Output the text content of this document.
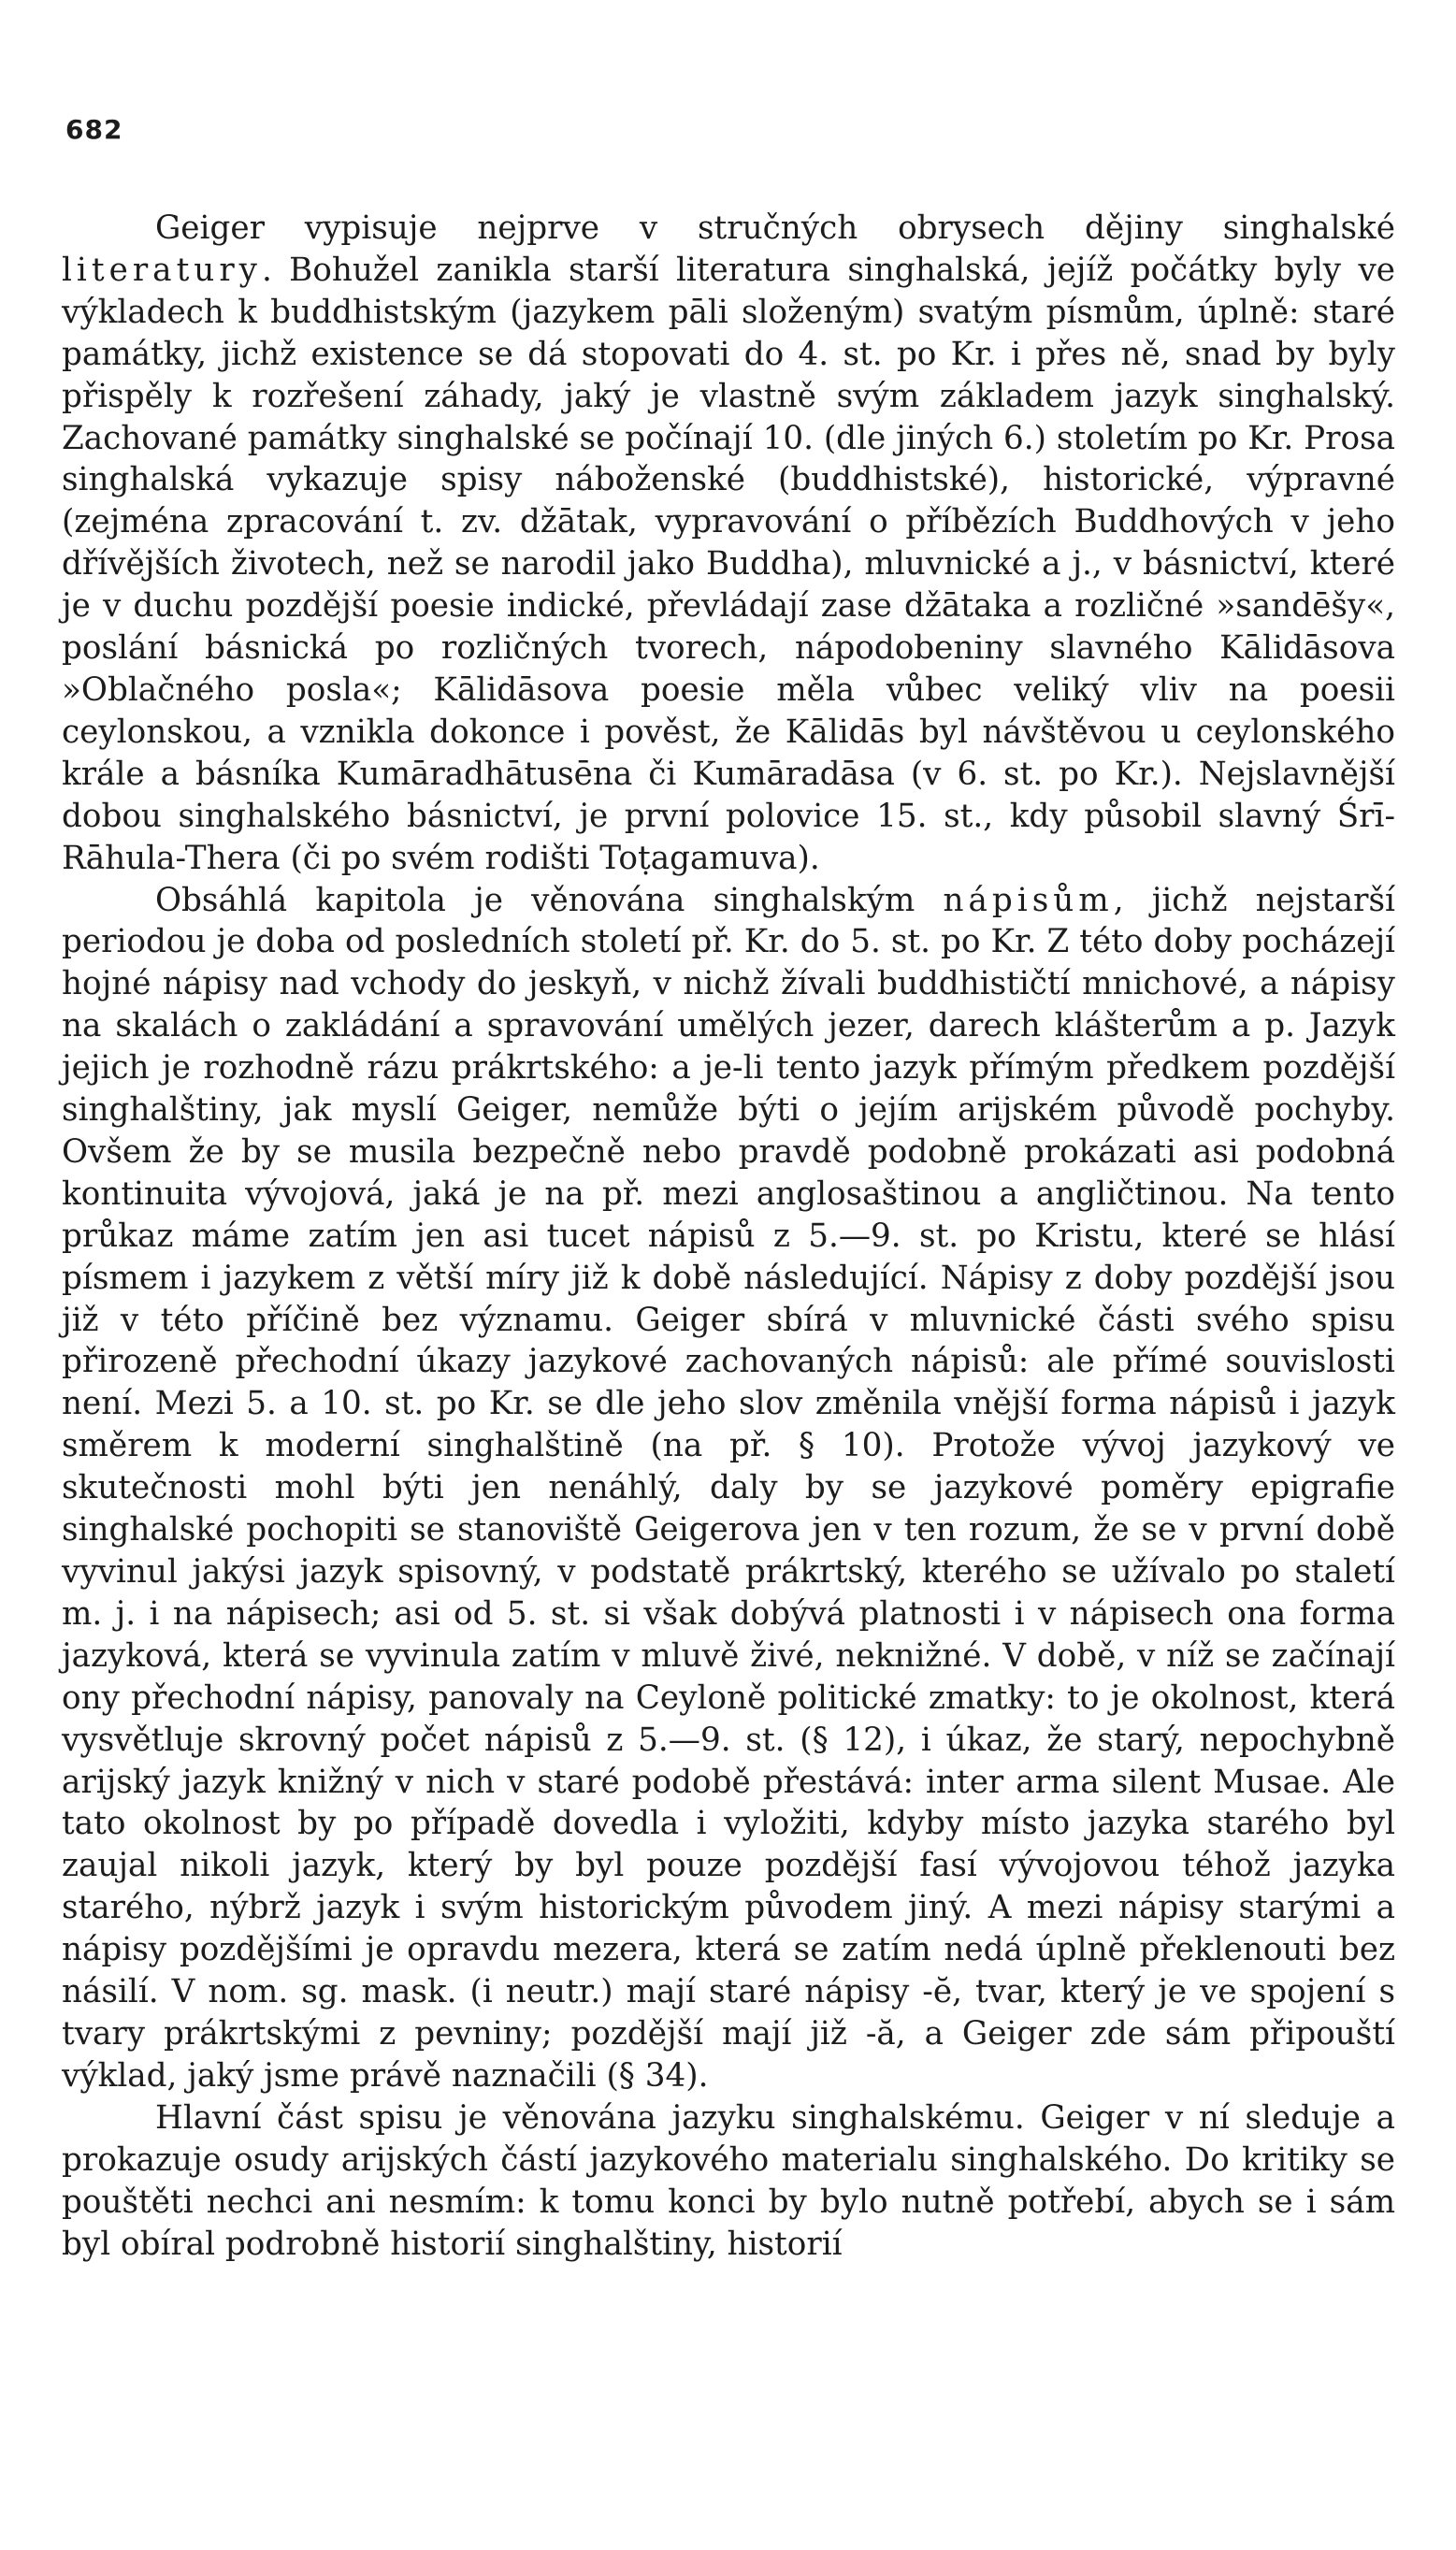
682

Geiger vypisuje nejprve v stručných obrysech dějiny singhalské literatury. Bohužel zanikla starší literatura singhalská, jejíž počátky byly ve výkladech k buddhistským (jazykem pāli složeným) svatým písmům, úplně: staré památky, jichž existence se dá stopovati do 4. st. po Kr. i přes ně, snad by byly přispěly k rozřešení záhady, jaký je vlastně svým základem jazyk singhalský. Zachované památky singhalské se počínají 10. (dle jiných 6.) stoletím po Kr. Prosa singhalská vykazuje spisy náboženské (buddhistské), historické, výpravné (zejména zpracování t. zv. džātak, vypravování o příbězích Buddhových v jeho dřívějších životech, než se narodil jako Buddha), mluvnické a j., v básnictví, které je v duchu pozdější poesie indické, převládají zase džātaka a rozličné »sandēšy«, poslání básnická po rozličných tvorech, nápodobeniny slavného Kālidāsova »Oblačného posla«; Kālidāsova poesie měla vůbec veliký vliv na poesii ceylonskou, a vznikla dokonce i pověst, že Kālidās byl návštěvou u ceylonského krále a básníka Kumāradhātusēna či Kumāradāsa (v 6. st. po Kr.). Nejslavnější dobou singhalského básnictví, je první polovice 15. st., kdy působil slavný Śrī-Rāhula-Thera (či po svém rodišti Toṭagamuva).

Obsáhlá kapitola je věnována singhalským nápisům, jichž nejstarší periodou je doba od posledních století př. Kr. do 5. st. po Kr. Z této doby pocházejí hojné nápisy nad vchody do jeskyň, v nichž žívali buddhističtí mnichové, a nápisy na skalách o zakládání a spravování umělých jezer, darech klášterům a p. Jazyk jejich je rozhodně rázu prákrtského: a je-li tento jazyk přímým předkem pozdější singhalštiny, jak myslí Geiger, nemůže býti o jejím arijském původě pochyby. Ovšem že by se musila bezpečně nebo pravdě podobně prokázati asi podobná kontinuita vývojová, jaká je na př. mezi anglosaštinou a angličtinou. Na tento průkaz máme zatím jen asi tucet nápisů z 5.—9. st. po Kristu, které se hlásí písmem i jazykem z větší míry již k době následující. Nápisy z doby pozdější jsou již v této příčině bez významu. Geiger sbírá v mluvnické části svého spisu přirozeně přechodní úkazy jazykové zachovaných nápisů: ale přímé souvislosti není. Mezi 5. a 10. st. po Kr. se dle jeho slov změnila vnější forma nápisů i jazyk směrem k moderní singhalštině (na př. § 10). Protože vývoj jazykový ve skutečnosti mohl býti jen nenáhlý, daly by se jazykové poměry epigrafie singhalské pochopiti se stanoviště Geigerova jen v ten rozum, že se v první době vyvinul jakýsi jazyk spisovný, v podstatě prákrtský, kterého se užívalo po staletí m. j. i na nápisech; asi od 5. st. si však dobývá platnosti i v nápisech ona forma jazyková, která se vyvinula zatím v mluvě živé, neknižné. V době, v níž se začínají ony přechodní nápisy, panovaly na Ceyloně politické zmatky: to je okolnost, která vysvětluje skrovný počet nápisů z 5.—9. st. (§ 12), i úkaz, že starý, nepochybně arijský jazyk knižný v nich v staré podobě přestává: inter arma silent Musae. Ale tato okolnost by po případě dovedla i vyložiti, kdyby místo jazyka starého byl zaujal nikoli jazyk, který by byl pouze pozdější fasí vývojovou téhož jazyka starého, nýbrž jazyk i svým historickým původem jiný. A mezi nápisy starými a nápisy pozdějšími je opravdu mezera, která se zatím nedá úplně překlenouti bez násilí. V nom. sg. mask. (i neutr.) mají staré nápisy -ĕ, tvar, který je ve spojení s tvary prákrtskými z pevniny; pozdější mají již -ă, a Geiger zde sám připouští výklad, jaký jsme právě naznačili (§ 34).

Hlavní část spisu je věnována jazyku singhalskému. Geiger v ní sleduje a prokazuje osudy arijských částí jazykového materialu singhalského. Do kritiky se pouštěti nechci ani nesmím: k tomu konci by bylo nutně potřebí, abych se i sám byl obíral podrobně historií singhalštiny, historií
